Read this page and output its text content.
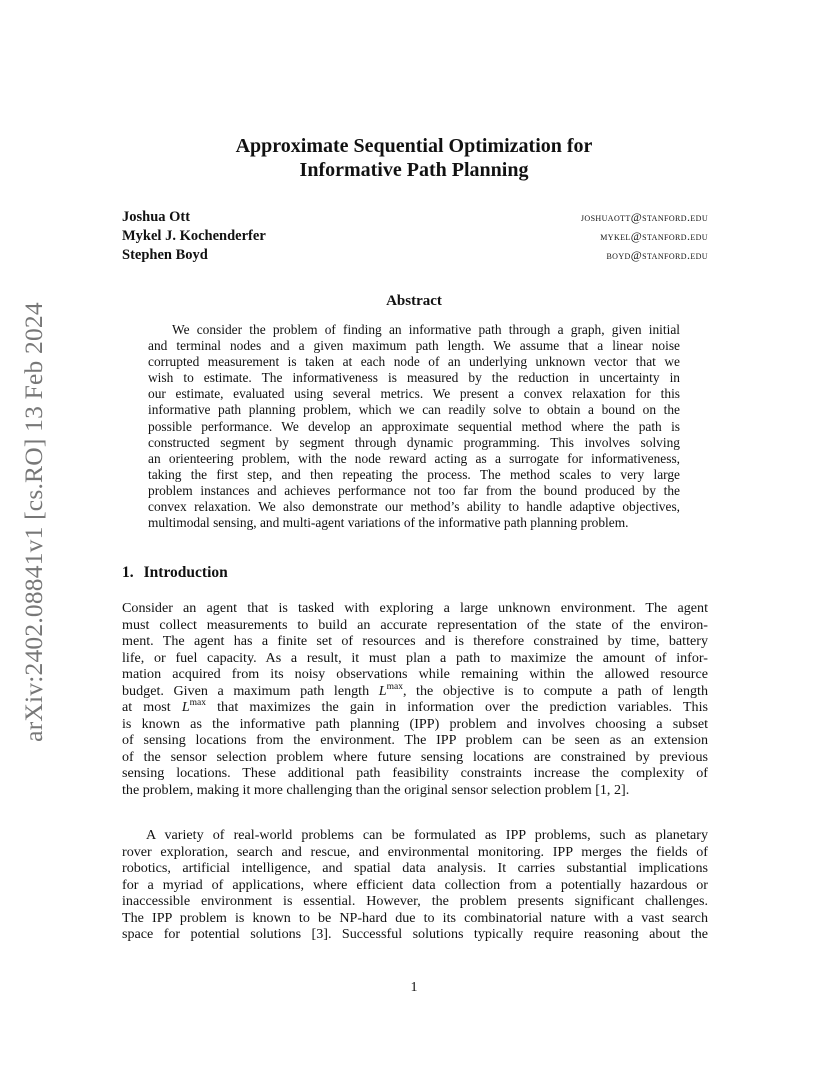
arXiv:2402.08841v1 [cs.RO] 13 Feb 2024
Approximate Sequential Optimization for
Informative Path Planning
Joshua Ott	joshuaott@stanford.edu
Mykel J. Kochenderfer	mykel@stanford.edu
Stephen Boyd	boyd@stanford.edu
Abstract
We consider the problem of finding an informative path through a graph, given initial
and terminal nodes and a given maximum path length. We assume that a linear noise
corrupted measurement is taken at each node of an underlying unknown vector that we
wish to estimate. The informativeness is measured by the reduction in uncertainty in
our estimate, evaluated using several metrics. We present a convex relaxation for this
informative path planning problem, which we can readily solve to obtain a bound on the
possible performance. We develop an approximate sequential method where the path is
constructed segment by segment through dynamic programming. This involves solving
an orienteering problem, with the node reward acting as a surrogate for informativeness,
taking the first step, and then repeating the process. The method scales to very large
problem instances and achieves performance not too far from the bound produced by the
convex relaxation. We also demonstrate our method’s ability to handle adaptive objectives,
multimodal sensing, and multi-agent variations of the informative path planning problem.
1. Introduction
Consider an agent that is tasked with exploring a large unknown environment. The agent
must collect measurements to build an accurate representation of the state of the environ-
ment. The agent has a finite set of resources and is therefore constrained by time, battery
life, or fuel capacity. As a result, it must plan a path to maximize the amount of infor-
mation acquired from its noisy observations while remaining within the allowed resource
budget. Given a maximum path length $L^{max}$, the objective is to compute a path of length
at most $L^{max}$ that maximizes the gain in information over the prediction variables. This
is known as the informative path planning (IPP) problem and involves choosing a subset
of sensing locations from the environment. The IPP problem can be seen as an extension
of the sensor selection problem where future sensing locations are constrained by previous
sensing locations. These additional path feasibility constraints increase the complexity of
the problem, making it more challenging than the original sensor selection problem [1, 2].
A variety of real-world problems can be formulated as IPP problems, such as planetary
rover exploration, search and rescue, and environmental monitoring. IPP merges the fields of
robotics, artificial intelligence, and spatial data analysis. It carries substantial implications
for a myriad of applications, where efficient data collection from a potentially hazardous or
inaccessible environment is essential. However, the problem presents significant challenges.
The IPP problem is known to be NP-hard due to its combinatorial nature with a vast search
space for potential solutions [3]. Successful solutions typically require reasoning about the
1
